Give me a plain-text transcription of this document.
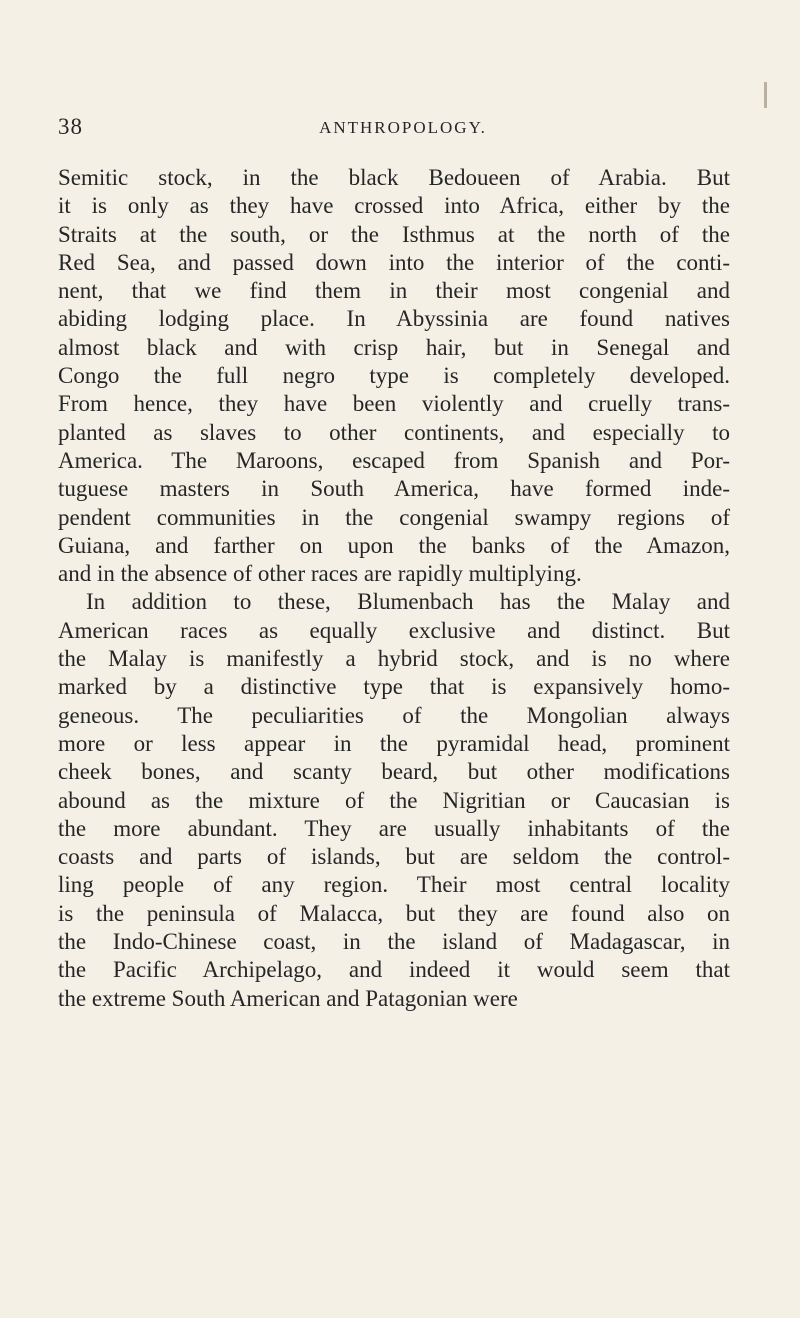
38	ANTHROPOLOGY.
Semitic stock, in the black Bedoueen of Arabia. But
it is only as they have crossed into Africa, either by the
Straits at the south, or the Isthmus at the north of the
Red Sea, and passed down into the interior of the conti-
nent, that we find them in their most congenial and
abiding lodging place. In Abyssinia are found natives
almost black and with crisp hair, but in Senegal and
Congo the full negro type is completely developed.
From hence, they have been violently and cruelly trans-
planted as slaves to other continents, and especially to
America. The Maroons, escaped from Spanish and Por-
tuguese masters in South America, have formed inde-
pendent communities in the congenial swampy regions of
Guiana, and farther on upon the banks of the Amazon,
and in the absence of other races are rapidly multiplying.
In addition to these, Blumenbach has the Malay and
American races as equally exclusive and distinct. But
the Malay is manifestly a hybrid stock, and is no where
marked by a distinctive type that is expansively homo-
geneous. The peculiarities of the Mongolian always
more or less appear in the pyramidal head, prominent
cheek bones, and scanty beard, but other modifications
abound as the mixture of the Nigritian or Caucasian is
the more abundant. They are usually inhabitants of the
coasts and parts of islands, but are seldom the control-
ling people of any region. Their most central locality
is the peninsula of Malacca, but they are found also on
the Indo-Chinese coast, in the island of Madagascar, in
the Pacific Archipelago, and indeed it would seem that
the extreme South American and Patagonian were
